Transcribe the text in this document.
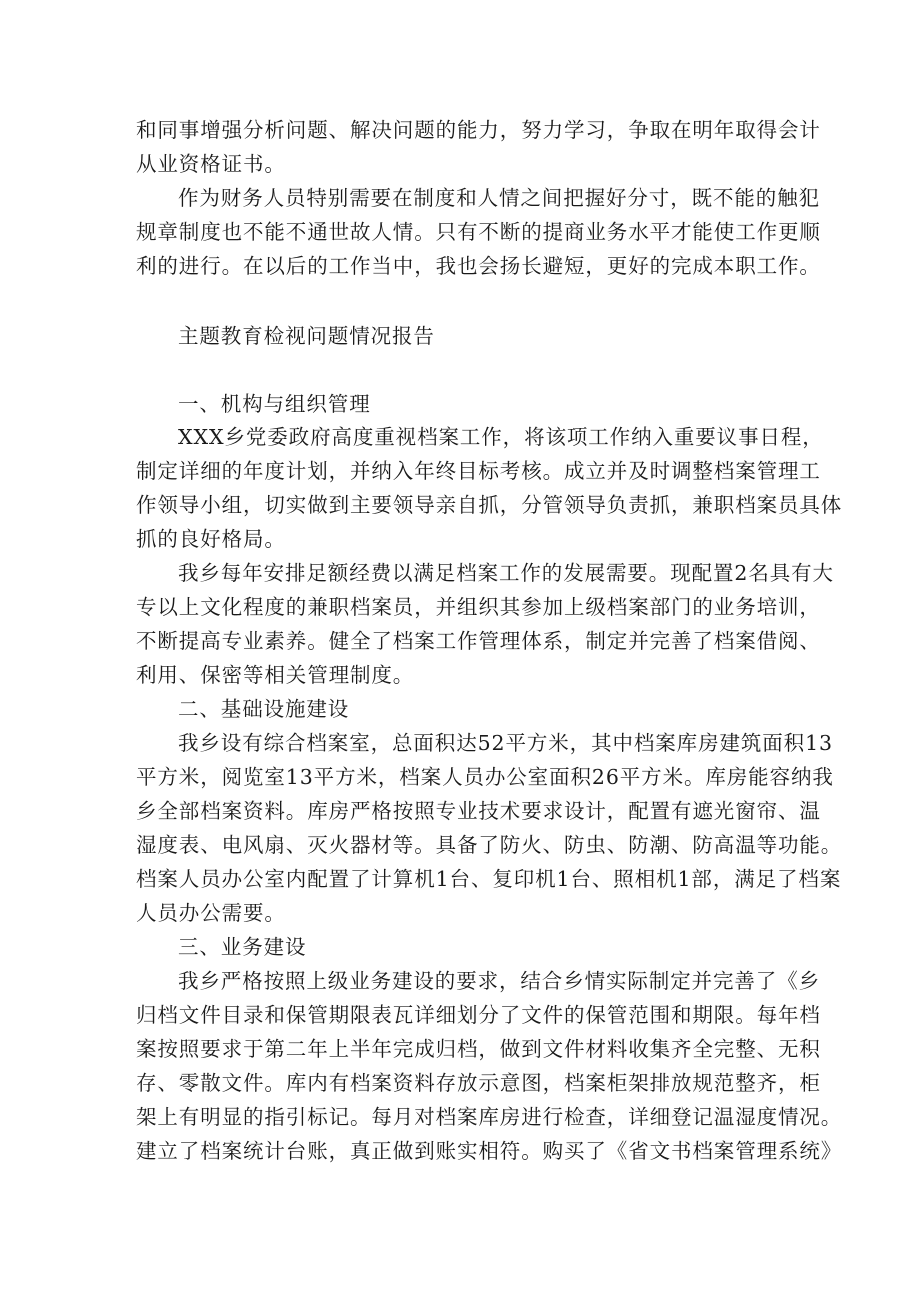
和同事增强分析问题、解决问题的能力，努力学习，争取在明年取得会计
从业资格证书。
作为财务人员特别需要在制度和人情之间把握好分寸，既不能的触犯
规章制度也不能不通世故人情。只有不断的提商业务水平才能使工作更顺
利的进行。在以后的工作当中，我也会扬长避短，更好的完成本职工作。
主题教育检视问题情况报告
一、机构与组织管理
XXX乡党委政府高度重视档案工作，将该项工作纳入重要议事日程，
制定详细的年度计划，并纳入年终目标考核。成立并及时调整档案管理工
作领导小组，切实做到主要领导亲自抓，分管领导负责抓，兼职档案员具体
抓的良好格局。
我乡每年安排足额经费以满足档案工作的发展需要。现配置2名具有大
专以上文化程度的兼职档案员，并组织其参加上级档案部门的业务培训，
不断提高专业素养。健全了档案工作管理体系，制定并完善了档案借阅、
利用、保密等相关管理制度。
二、基础设施建设
我乡设有综合档案室，总面积达52平方米，其中档案库房建筑面积13
平方米，阅览室13平方米，档案人员办公室面积26平方米。库房能容纳我
乡全部档案资料。库房严格按照专业技术要求设计，配置有遮光窗帘、温
湿度表、电风扇、灭火器材等。具备了防火、防虫、防潮、防高温等功能。
档案人员办公室内配置了计算机1台、复印机1台、照相机1部，满足了档案
人员办公需要。
三、业务建设
我乡严格按照上级业务建设的要求，结合乡情实际制定并完善了《乡
归档文件目录和保管期限表瓦详细划分了文件的保管范围和期限。每年档
案按照要求于第二年上半年完成归档，做到文件材料收集齐全完整、无积
存、零散文件。库内有档案资料存放示意图，档案柜架排放规范整齐，柜
架上有明显的指引标记。每月对档案库房进行检查，详细登记温湿度情况。
建立了档案统计台账，真正做到账实相符。购买了《省文书档案管理系统》
